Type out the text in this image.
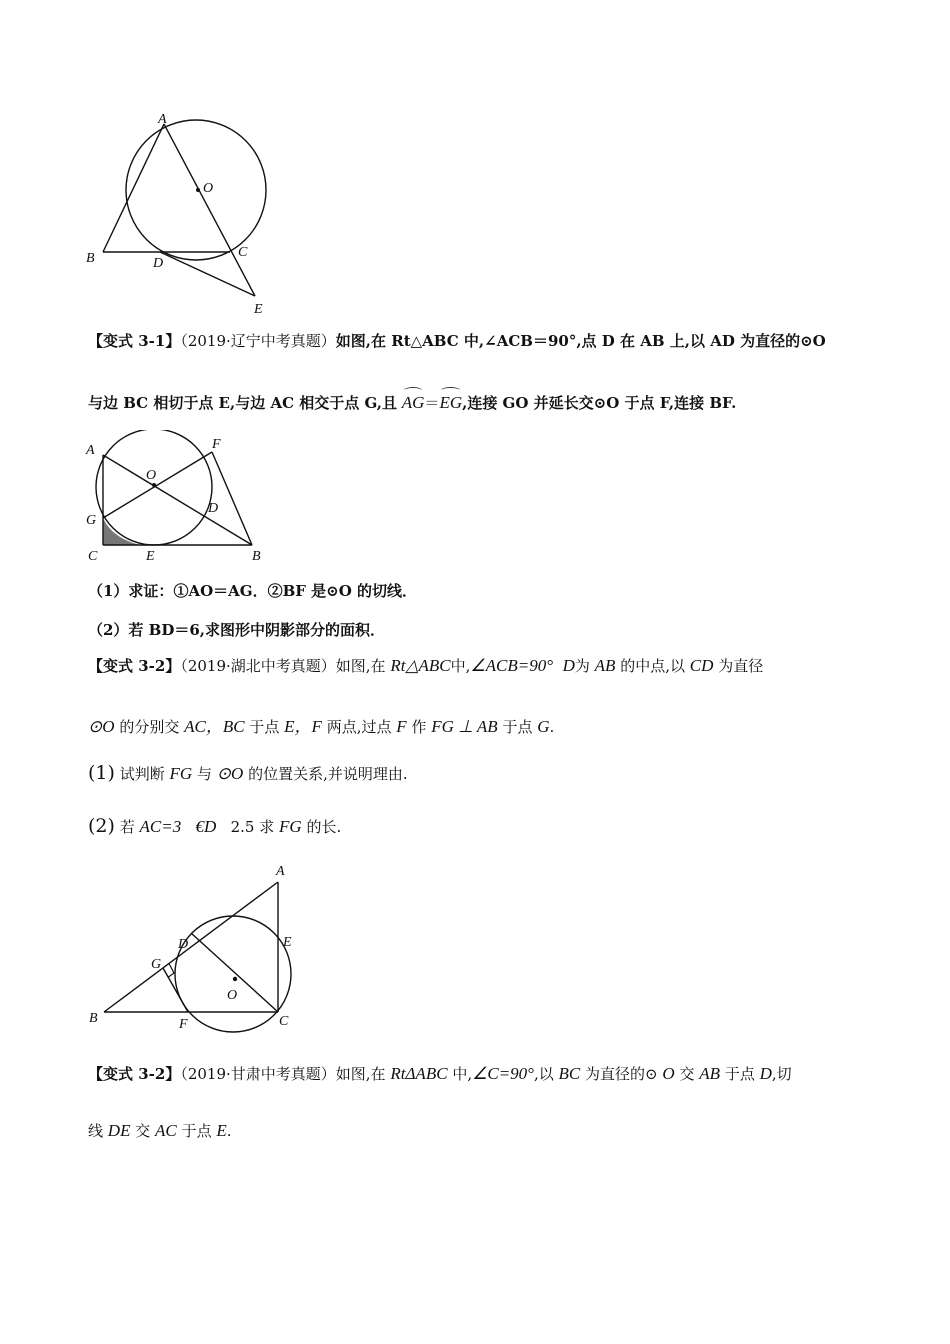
A
O
B	D
C
E
【变式 3-1】（2019·辽宁中考真题）如图,在 Rt△ABC 中,∠ACB＝90°,点 D 在 AB 上,以 AD 为直径的⊙O
与边 BC 相切于点 E,与边 AC 相交于点 G,且 AG＝EG,连接 GO 并延长交⊙O 于点 F,连接 BF.
A	F
O
G
D
C	E	B
（1）求证：①AO＝AG．②BF 是⊙O 的切线．
（2）若 BD＝6,求图形中阴影部分的面积．
【变式 3-2】（2019·湖北中考真题）如图,在 Rt△ABC中,∠ACB=90° D为 AB 的中点,以 CD 为直径
⊙O 的分别交 AC，BC 于点 E，F 两点,过点 F 作 FG ⊥ AB 于点 G.
(1) 试判断 FG 与 ⊙O 的位置关系,并说明理由.
(2) 若 AC=3 €D 2.5 求 FG 的长.
A
D	E
G
O
B	F	C
【变式 3-2】（2019·甘肃中考真题）如图,在 RtΔABC 中,∠C=90°,以 BC 为直径的⊙ O 交 AB 于点 D,切
线 DE 交 AC 于点 E.
